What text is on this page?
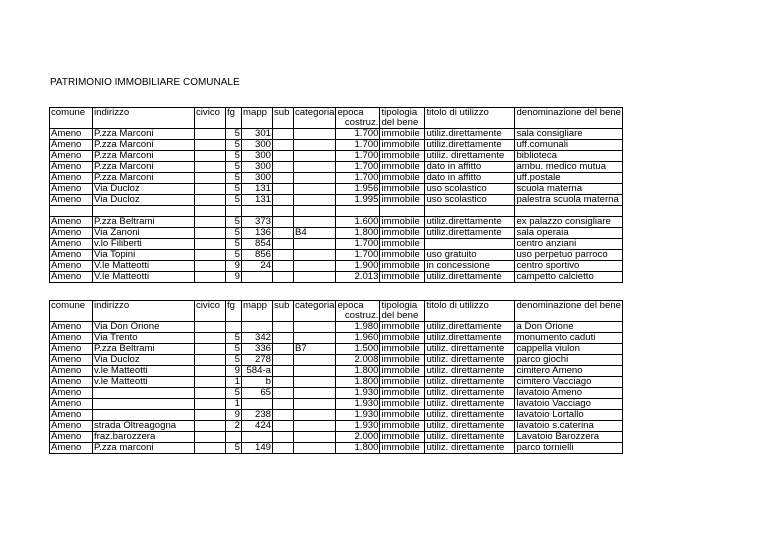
PATRIMONIO IMMOBILIARE COMUNALE
comune	indirizzo	civico	fg	mapp	sub	categoria	epoca	tipologia	titolo di utilizzo	denominazione del bene
							costruz.	del bene		
Ameno	P.zza Marconi		5	301			1.700	immobile	utiliz.direttamente	sala consigliare
Ameno	P.zza Marconi		5	300			1.700	immobile	utiliz.direttamente	uff.comunali
Ameno	P.zza Marconi		5	300			1.700	immobile	utiliz. direttamente	biblioteca
Ameno	P.zza Marconi		5	300			1.700	immobile	dato in affitto	ambu. medico mutua
Ameno	P.zza Marconi		5	300			1.700	immobile	dato in affitto	uff.postale
Ameno	Via Ducloz		5	131			1.956	immobile	uso scolastico	scuola materna
Ameno	Via Ducloz		5	131			1.995	immobile	uso scolastico	palestra scuola materna

Ameno	P.zza Beltrami		5	373			1.600	immobile	utiliz.direttamente	ex palazzo consigliare
Ameno	Via Zanoni		5	136		B4	1.800	immobile	utiliz.direttamente	sala operaia
Ameno	v.lo Filiberti		5	854			1.700	immobile		centro anziani
Ameno	Via Topini		5	856			1.700	immobile	uso gratuito	uso perpetuo parroco
Ameno	V.le Matteotti		9	24			1.900	immobile	in concessione	centro sportivo
Ameno	V.le Matteotti		9				2.013	immobile	utiliz.direttamente	campetto calcietto
comune	indirizzo	civico	fg	mapp	sub	categoria	epoca	tipologia	titolo di utilizzo	denominazione del bene
							costruz.	del bene		
Ameno	Via Don Orione						1.980	immobile	utiliz.direttamente	a Don Orione
Ameno	Via Trento		5	342			1.960	immobile	utiliz.direttamente	monumento caduti
Ameno	P.zza Beltrami		5	336		B7	1.500	immobile	utiliz. direttamente	cappella viulon
Ameno	Via Ducloz		5	278			2.008	immobile	utiliz. direttamente	parco giochi
Ameno	v.le Matteotti		9	584-a			1.800	immobile	utiliz. direttamente	cimitero Ameno
Ameno	v.le Matteotti		1	b			1.800	immobile	utiliz. direttamente	cimitero Vacciago
Ameno			5	65			1.930	immobile	utiliz. direttamente	lavatoio Ameno
Ameno			1				1.930	immobile	utiliz. direttamente	lavatoio Vacciago
Ameno			9	238			1.930	immobile	utiliz. direttamente	lavatoio Lortallo
Ameno	strada Oltreagogna		2	424			1.930	immobile	utiliz. direttamente	lavatoio s.caterina
Ameno	fraz.barozzera						2.000	immobile	utiliz. direttamente	Lavatoio Barozzera
Ameno	P.zza marconi		5	149			1.800	immobile	utiliz. direttamente	parco tornielli
